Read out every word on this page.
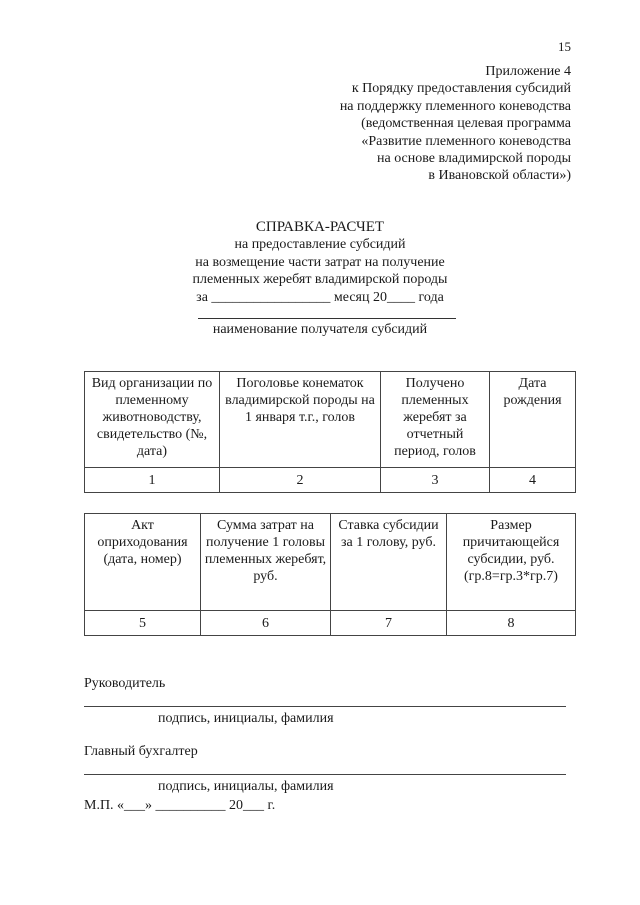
15
Приложение 4
к Порядку предоставления субсидий
на поддержку племенного коневодства
(ведомственная целевая программа
«Развитие племенного коневодства
на основе владимирской породы
в Ивановской области»)
СПРАВКА-РАСЧЕТ
на предоставление субсидий
на возмещение части затрат на получение
племенных жеребят владимирской породы
за _________________ месяц 20____ года
наименование получателя субсидий
Вид организации по племенному животноводству, свидетельство (№, дата)	Поголовье конематок владимирской породы на 1 января т.г., голов	Получено племенных жеребят за отчетный период, голов	Дата рождения
1	2	3	4
Акт оприходования (дата, номер)	Сумма затрат на получение 1 головы племенных жеребят, руб.	Ставка субсидии за 1 голову, руб.	Размер причитающейся субсидии, руб. (гр.8=гр.3*гр.7)
5	6	7	8
Руководитель
подпись, инициалы, фамилия
Главный бухгалтер
подпись, инициалы, фамилия
М.П. «___» __________ 20___ г.
